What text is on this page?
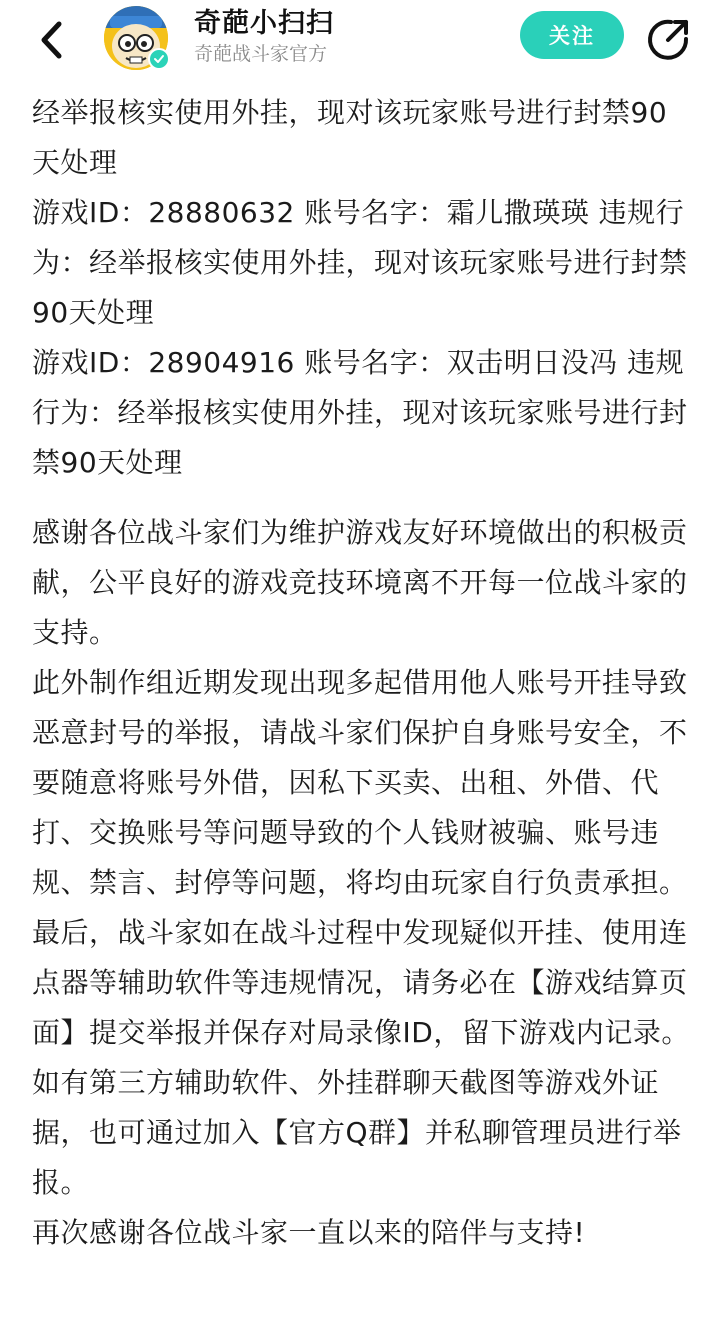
奇葩小扫扫
奇葩战斗家官方
关注

经举报核实使用外挂，现对该玩家账号进行封禁90天处理

游戏ID：28880632 账号名字：霜儿撒瑛瑛 违规行为：经举报核实使用外挂，现对该玩家账号进行封禁90天处理

游戏ID：28904916 账号名字：双击明日没冯 违规行为：经举报核实使用外挂，现对该玩家账号进行封禁90天处理

感谢各位战斗家们为维护游戏友好环境做出的积极贡献，公平良好的游戏竞技环境离不开每一位战斗家的支持。

此外制作组近期发现出现多起借用他人账号开挂导致恶意封号的举报，请战斗家们保护自身账号安全，不要随意将账号外借，因私下买卖、出租、外借、代打、交换账号等问题导致的个人钱财被骗、账号违规、禁言、封停等问题，将均由玩家自行负责承担。

最后，战斗家如在战斗过程中发现疑似开挂、使用连点器等辅助软件等违规情况，请务必在【游戏结算页面】提交举报并保存对局录像ID，留下游戏内记录。如有第三方辅助软件、外挂群聊天截图等游戏外证据，也可通过加入【官方Q群】并私聊管理员进行举报。

再次感谢各位战斗家一直以来的陪伴与支持!
